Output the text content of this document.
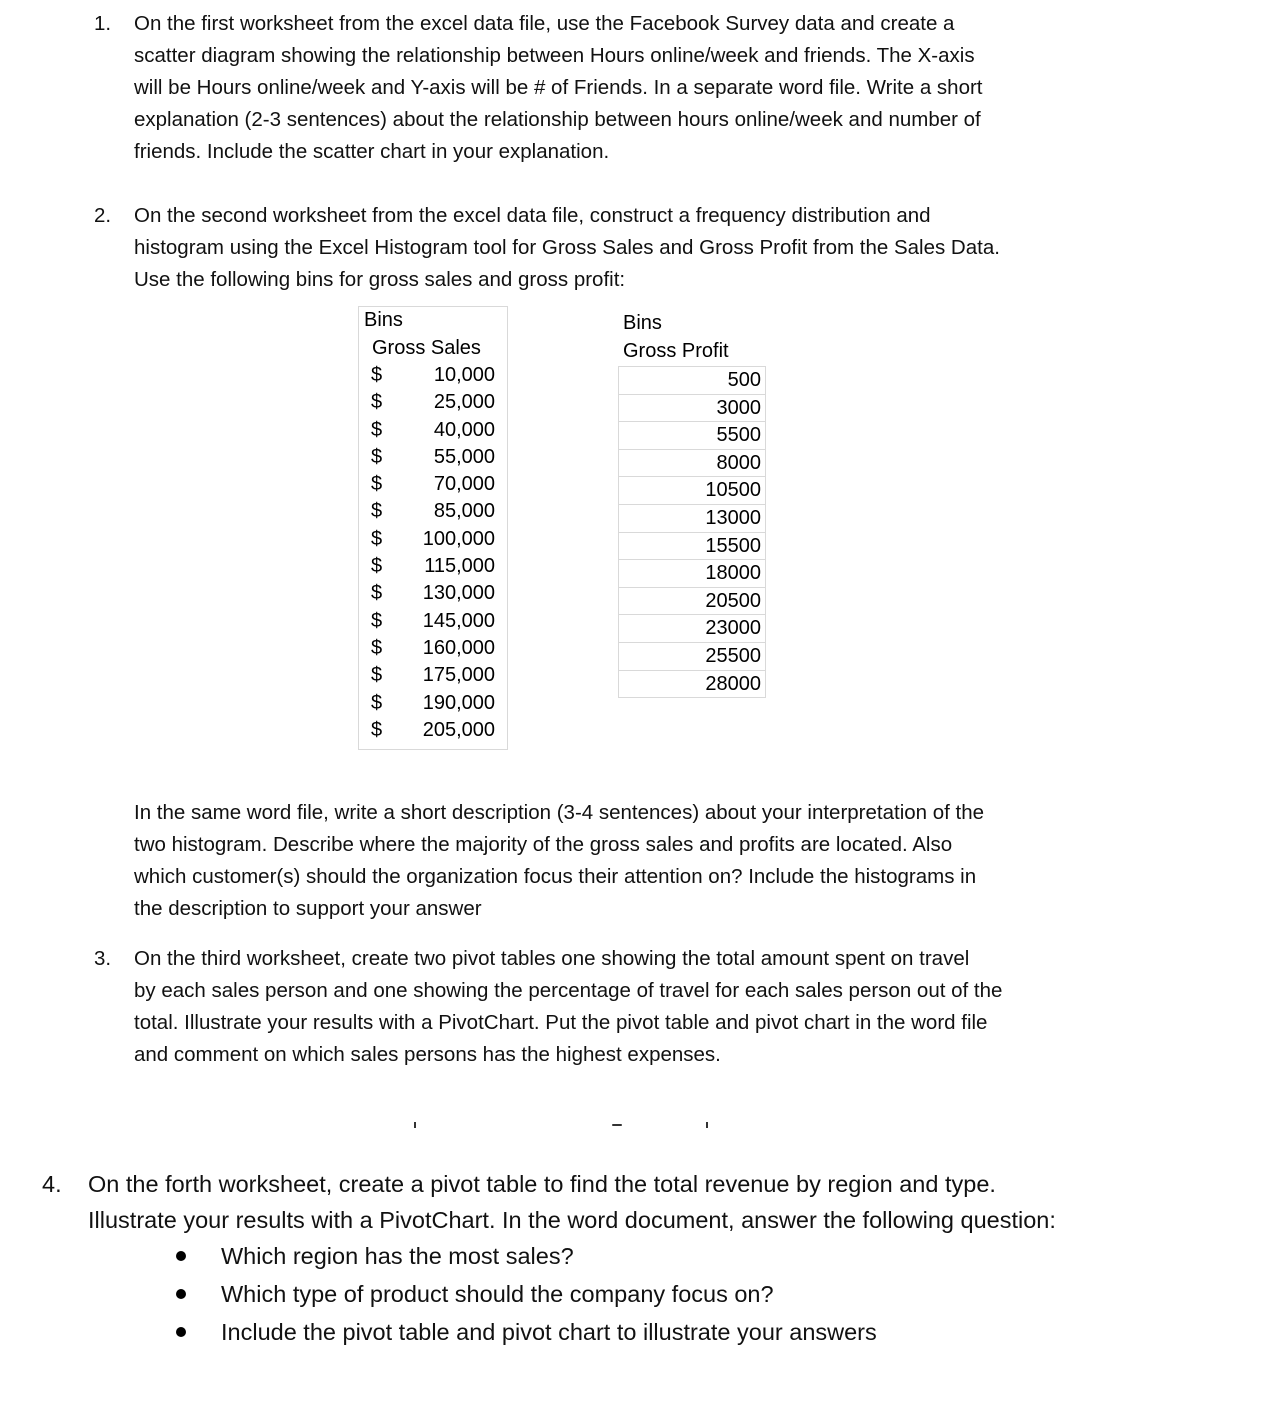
1. On the first worksheet from the excel data file, use the Facebook Survey data and create a
scatter diagram showing the relationship between Hours online/week and friends. The X-axis
will be Hours online/week and Y-axis will be # of Friends. In a separate word file. Write a short
explanation (2-3 sentences) about the relationship between hours online/week and number of
friends. Include the scatter chart in your explanation.
2. On the second worksheet from the excel data file, construct a frequency distribution and
histogram using the Excel Histogram tool for Gross Sales and Gross Profit from the Sales Data.
Use the following bins for gross sales and gross profit:
Bins
Gross Sales
$	10,000
$	25,000
$	40,000
$	55,000
$	70,000
$	85,000
$ 100,000
$ 115,000
$ 130,000
$ 145,000
$ 160,000
$ 175,000
$ 190,000
$ 205,000
Bins
Gross Profit
500
3000
5500
8000
10500
13000
15500
18000
20500
23000
25500
28000
In the same word file, write a short description (3-4 sentences) about your interpretation of the
two histogram. Describe where the majority of the gross sales and profits are located. Also
which customer(s) should the organization focus their attention on? Include the histograms in
the description to support your answer
3. On the third worksheet, create two pivot tables one showing the total amount spent on travel
by each sales person and one showing the percentage of travel for each sales person out of the
total. Illustrate your results with a PivotChart. Put the pivot table and pivot chart in the word file
and comment on which sales persons has the highest expenses.
4. On the forth worksheet, create a pivot table to find the total revenue by region and type.
Illustrate your results with a PivotChart. In the word document, answer the following question:
Which region has the most sales?
Which type of product should the company focus on?
Include the pivot table and pivot chart to illustrate your answers
